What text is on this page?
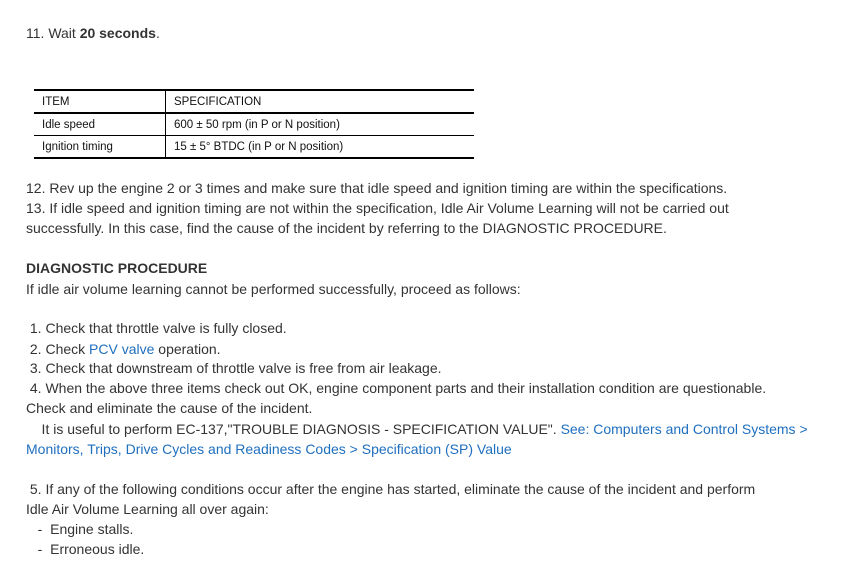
11. Wait 20 seconds.
ITEM	SPECIFICATION
Idle speed	600 ± 50 rpm (in P or N position)
Ignition timing	15 ± 5° BTDC (in P or N position)
12. Rev up the engine 2 or 3 times and make sure that idle speed and ignition timing are within the specifications.
13. If idle speed and ignition timing are not within the specification, Idle Air Volume Learning will not be carried out
successfully. In this case, find the cause of the incident by referring to the DIAGNOSTIC PROCEDURE.
DIAGNOSTIC PROCEDURE
If idle air volume learning cannot be performed successfully, proceed as follows:
1. Check that throttle valve is fully closed.
2. Check PCV valve operation.
3. Check that downstream of throttle valve is free from air leakage.
4. When the above three items check out OK, engine component parts and their installation condition are questionable.
Check and eliminate the cause of the incident.
It is useful to perform EC-137,"TROUBLE DIAGNOSIS - SPECIFICATION VALUE". See: Computers and Control Systems >
Monitors, Trips, Drive Cycles and Readiness Codes > Specification (SP) Value
5. If any of the following conditions occur after the engine has started, eliminate the cause of the incident and perform
Idle Air Volume Learning all over again:
-  Engine stalls.
-  Erroneous idle.
